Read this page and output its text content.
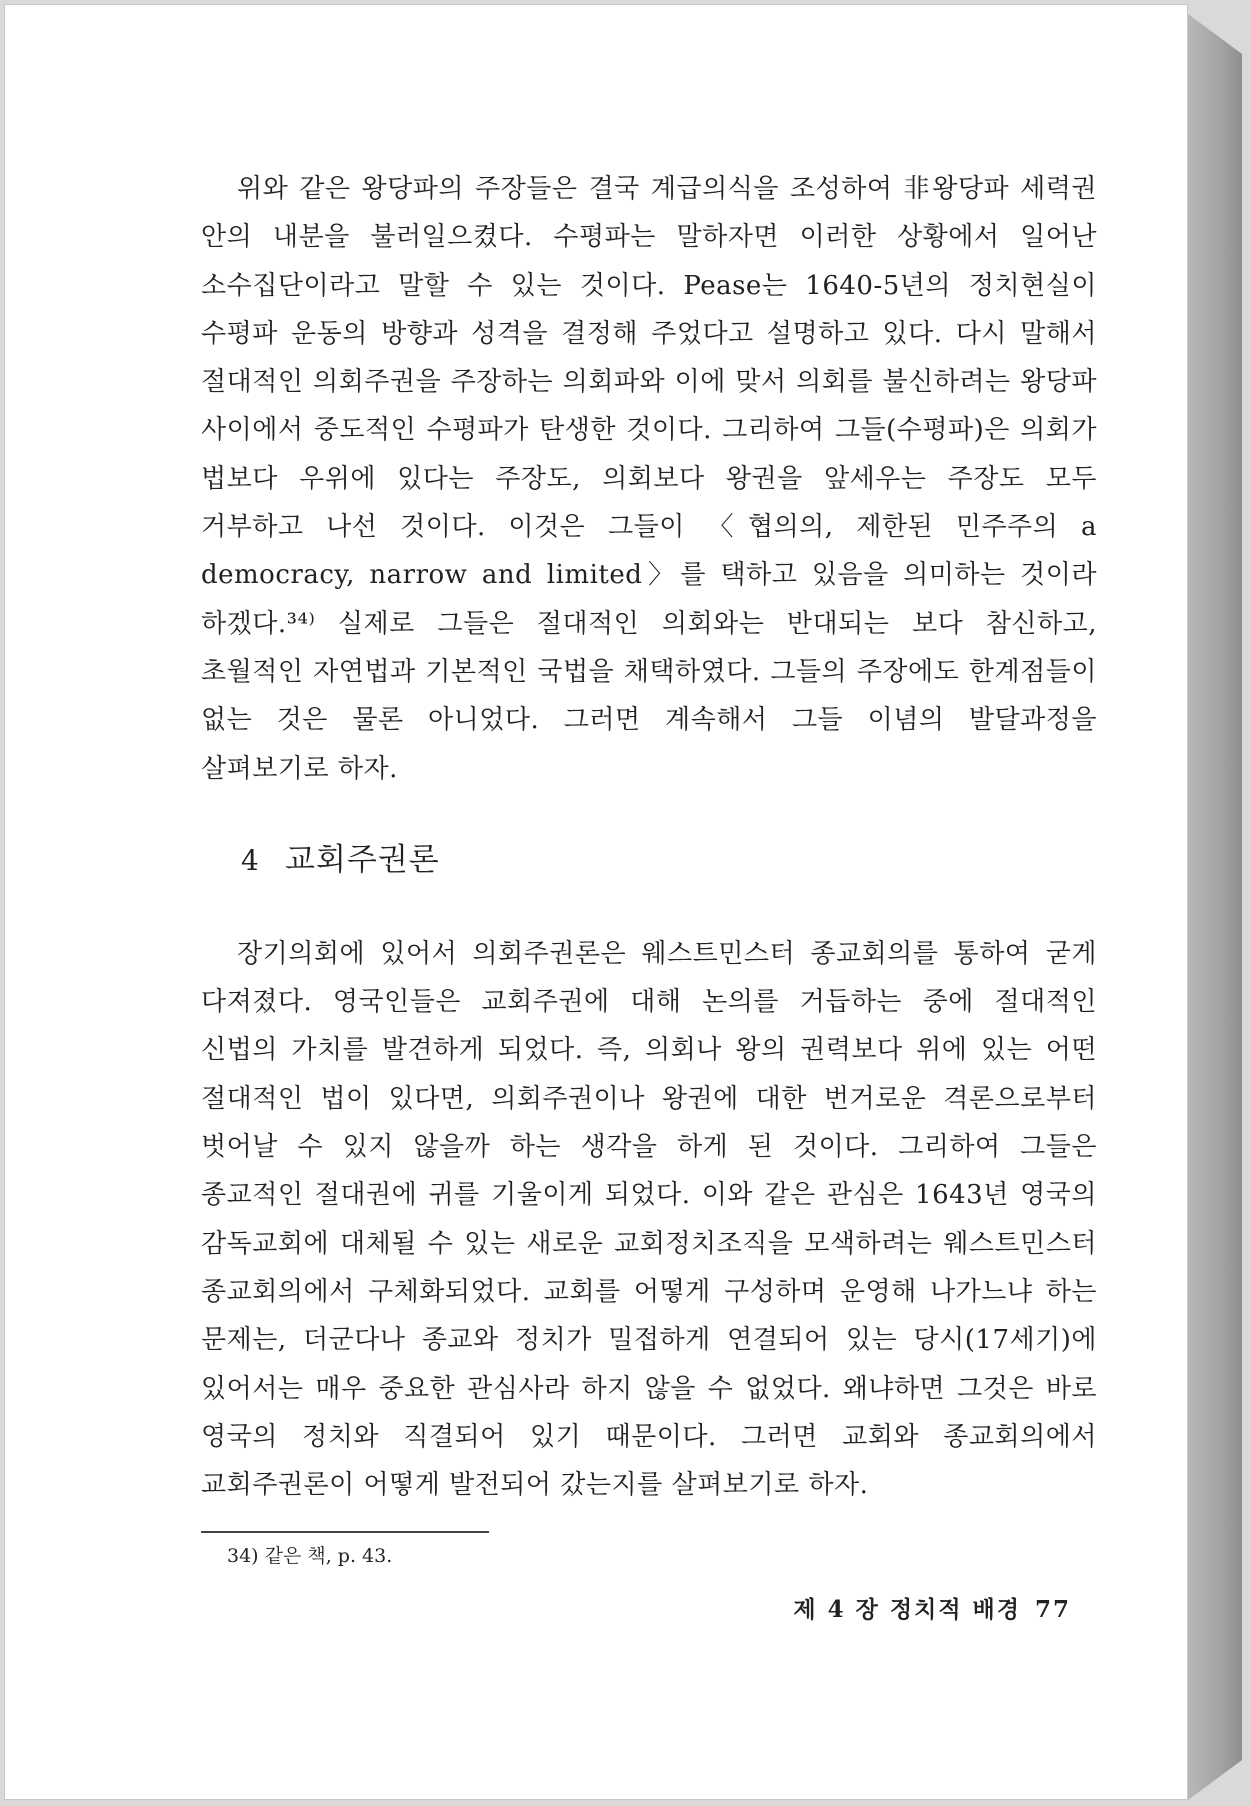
위와 같은 왕당파의 주장들은 결국 계급의식을 조성하여 非왕당파 세력권 안의 내분을 불러일으켰다. 수평파는 말하자면 이러한 상황에서 일어난 소수집단이라고 말할 수 있는 것이다. Pease는 1640-5년의 정치현실이 수평파 운동의 방향과 성격을 결정해 주었다고 설명하고 있다. 다시 말해서 절대적인 의회주권을 주장하는 의회파와 이에 맞서 의회를 불신하려는 왕당파 사이에서 중도적인 수평파가 탄생한 것이다. 그리하여 그들(수평파)은 의회가 법보다 우위에 있다는 주장도, 의회보다 왕권을 앞세우는 주장도 모두 거부하고 나선 것이다. 이것은 그들이 〈협의의, 제한된 민주주의 a democracy, narrow and limited〉를 택하고 있음을 의미하는 것이라 하겠다.³⁴⁾ 실제로 그들은 절대적인 의회와는 반대되는 보다 참신하고, 초월적인 자연법과 기본적인 국법을 채택하였다. 그들의 주장에도 한계점들이 없는 것은 물론 아니었다. 그러면 계속해서 그들 이념의 발달과정을 살펴보기로 하자.

4 교회주권론

장기의회에 있어서 의회주권론은 웨스트민스터 종교회의를 통하여 굳게 다져졌다. 영국인들은 교회주권에 대해 논의를 거듭하는 중에 절대적인 신법의 가치를 발견하게 되었다. 즉, 의회나 왕의 권력보다 위에 있는 어떤 절대적인 법이 있다면, 의회주권이나 왕권에 대한 번거로운 격론으로부터 벗어날 수 있지 않을까 하는 생각을 하게 된 것이다. 그리하여 그들은 종교적인 절대권에 귀를 기울이게 되었다. 이와 같은 관심은 1643년 영국의 감독교회에 대체될 수 있는 새로운 교회정치조직을 모색하려는 웨스트민스터 종교회의에서 구체화되었다. 교회를 어떻게 구성하며 운영해 나가느냐 하는 문제는, 더군다나 종교와 정치가 밀접하게 연결되어 있는 당시(17세기)에 있어서는 매우 중요한 관심사라 하지 않을 수 없었다. 왜냐하면 그것은 바로 영국의 정치와 직결되어 있기 때문이다. 그러면 교회와 종교회의에서 교회주권론이 어떻게 발전되어 갔는지를 살펴보기로 하자.

34) 같은 책, p. 43.

제 4 장 정치적 배경 77
